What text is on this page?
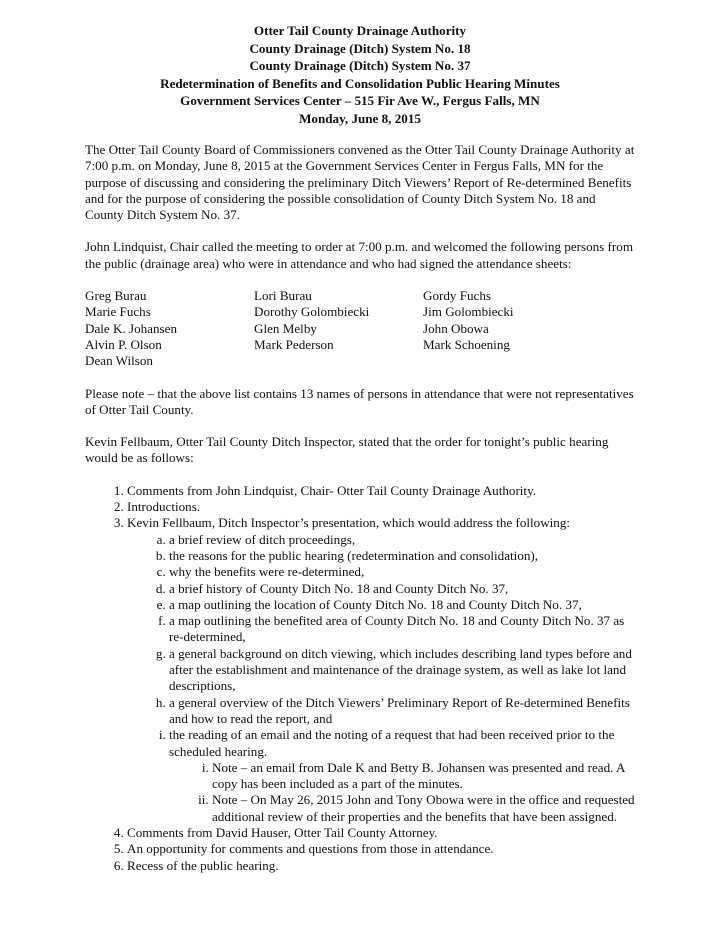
Otter Tail County Drainage Authority
County Drainage (Ditch) System No. 18
County Drainage (Ditch) System No. 37
Redetermination of Benefits and Consolidation Public Hearing Minutes
Government Services Center – 515 Fir Ave W., Fergus Falls, MN
Monday, June 8, 2015

The Otter Tail County Board of Commissioners convened as the Otter Tail County Drainage Authority at 7:00 p.m. on Monday, June 8, 2015 at the Government Services Center in Fergus Falls, MN for the purpose of discussing and considering the preliminary Ditch Viewers’ Report of Re-determined Benefits and for the purpose of considering the possible consolidation of County Ditch System No. 18 and County Ditch System No. 37.

John Lindquist, Chair called the meeting to order at 7:00 p.m. and welcomed the following persons from the public (drainage area) who were in attendance and who had signed the attendance sheets:

Greg Burau	Lori Burau	Gordy Fuchs
Marie Fuchs	Dorothy Golombiecki	Jim Golombiecki
Dale K. Johansen	Glen Melby	John Obowa
Alvin P. Olson	Mark Pederson	Mark Schoening
Dean Wilson

Please note – that the above list contains 13 names of persons in attendance that were not representatives of Otter Tail County.

Kevin Fellbaum, Otter Tail County Ditch Inspector, stated that the order for tonight’s public hearing would be as follows:

1. Comments from John Lindquist, Chair- Otter Tail County Drainage Authority.
2. Introductions.
3. Kevin Fellbaum, Ditch Inspector’s presentation, which would address the following:
a. a brief review of ditch proceedings,
b. the reasons for the public hearing (redetermination and consolidation),
c. why the benefits were re-determined,
d. a brief history of County Ditch No. 18 and County Ditch No. 37,
e. a map outlining the location of County Ditch No. 18 and County Ditch No. 37,
f. a map outlining the benefited area of County Ditch No. 18 and County Ditch No. 37 as re-determined,
g. a general background on ditch viewing, which includes describing land types before and after the establishment and maintenance of the drainage system, as well as lake lot land descriptions,
h. a general overview of the Ditch Viewers’ Preliminary Report of Re-determined Benefits and how to read the report, and
i. the reading of an email and the noting of a request that had been received prior to the scheduled hearing.
i. Note – an email from Dale K and Betty B. Johansen was presented and read. A copy has been included as a part of the minutes.
ii. Note – On May 26, 2015 John and Tony Obowa were in the office and requested additional review of their properties and the benefits that have been assigned.
4. Comments from David Hauser, Otter Tail County Attorney.
5. An opportunity for comments and questions from those in attendance.
6. Recess of the public hearing.
